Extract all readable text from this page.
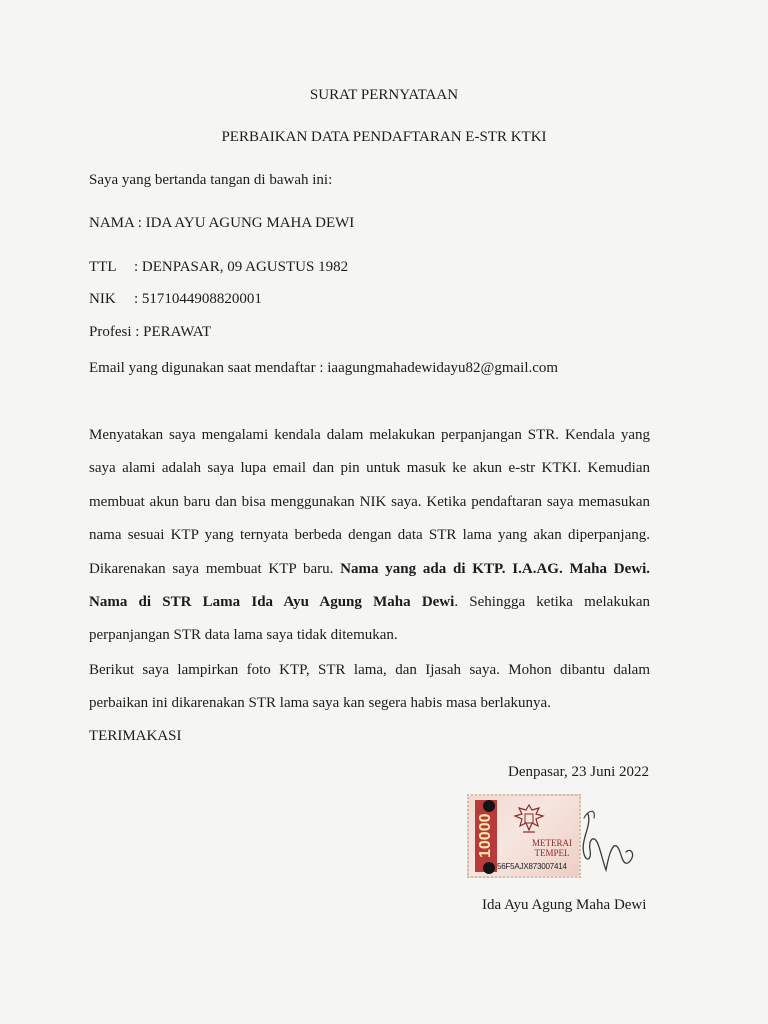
SURAT PERNYATAAN
PERBAIKAN DATA PENDAFTARAN E-STR KTKI
Saya yang bertanda tangan di bawah ini:
NAMA : IDA AYU AGUNG MAHA DEWI
TTL : DENPASAR, 09 AGUSTUS 1982
NIK : 5171044908820001
Profesi : PERAWAT
Email yang digunakan saat mendaftar : iaagungmahadewidayu82@gmail.com
Menyatakan saya mengalami kendala dalam melakukan perpanjangan STR. Kendala yang
saya alami adalah saya lupa email dan pin untuk masuk ke akun e-str KTKI. Kemudian
membuat akun baru dan bisa menggunakan NIK saya. Ketika pendaftaran saya memasukan
nama sesuai KTP yang ternyata berbeda dengan data STR lama yang akan diperpanjang.
Dikarenakan saya membuat KTP baru. Nama yang ada di KTP. I.A.AG. Maha Dewi.
Nama di STR Lama Ida Ayu Agung Maha Dewi. Sehingga ketika melakukan
perpanjangan STR data lama saya tidak ditemukan.
Berikut saya lampirkan foto KTP, STR lama, dan Ijasah saya. Mohon dibantu dalam
perbaikan ini dikarenakan STR lama saya kan segera habis masa berlakunya.
TERIMAKASI
Denpasar, 23 Juni 2022
10000	METERAI
TEMPEL
56F5AJX873007414
Ida Ayu Agung Maha Dewi
